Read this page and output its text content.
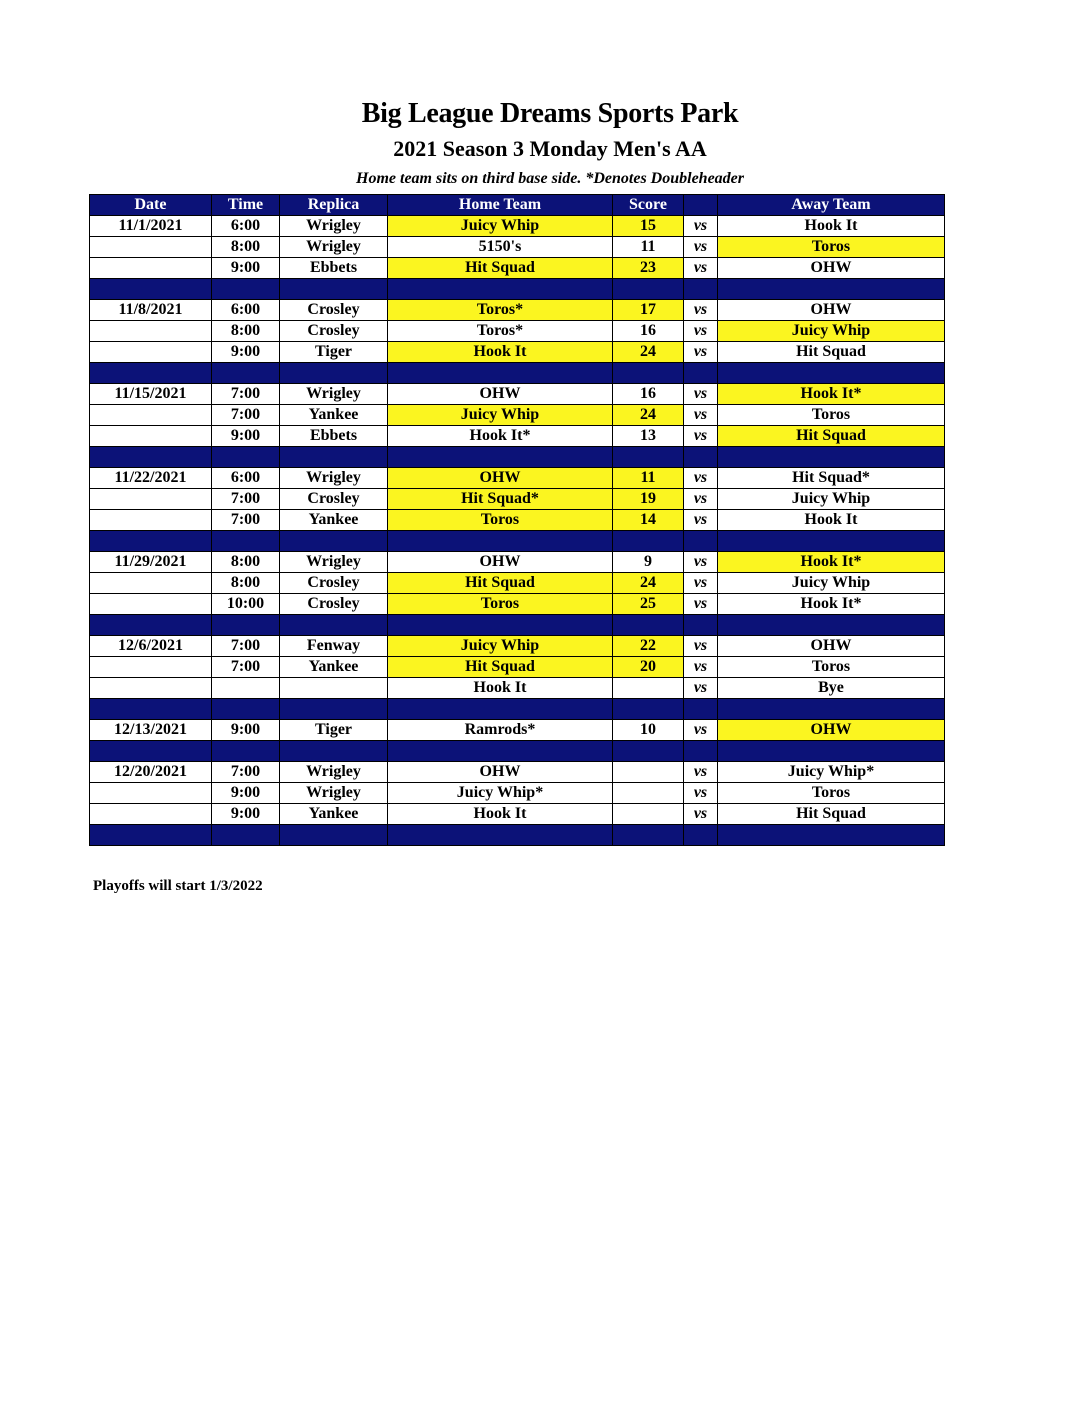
Big League Dreams Sports Park
2021 Season 3 Monday Men's AA
Home team sits on third base side. *Denotes Doubleheader
Date	Time	Replica	Home Team	Score		Away Team
11/1/2021	6:00	Wrigley	Juicy Whip	15	vs	Hook It
	8:00	Wrigley	5150's	11	vs	Toros
	9:00	Ebbets	Hit Squad	23	vs	OHW

11/8/2021	6:00	Crosley	Toros*	17	vs	OHW
	8:00	Crosley	Toros*	16	vs	Juicy Whip
	9:00	Tiger	Hook It	24	vs	Hit Squad

11/15/2021	7:00	Wrigley	OHW	16	vs	Hook It*
	7:00	Yankee	Juicy Whip	24	vs	Toros
	9:00	Ebbets	Hook It*	13	vs	Hit Squad

11/22/2021	6:00	Wrigley	OHW	11	vs	Hit Squad*
	7:00	Crosley	Hit Squad*	19	vs	Juicy Whip
	7:00	Yankee	Toros	14	vs	Hook It

11/29/2021	8:00	Wrigley	OHW	9	vs	Hook It*
	8:00	Crosley	Hit Squad	24	vs	Juicy Whip
	10:00	Crosley	Toros	25	vs	Hook It*

12/6/2021	7:00	Fenway	Juicy Whip	22	vs	OHW
	7:00	Yankee	Hit Squad	20	vs	Toros
			Hook It		vs	Bye

12/13/2021	9:00	Tiger	Ramrods*	10	vs	OHW

12/20/2021	7:00	Wrigley	OHW		vs	Juicy Whip*
	9:00	Wrigley	Juicy Whip*		vs	Toros
	9:00	Yankee	Hook It		vs	Hit Squad

Playoffs will start 1/3/2022
